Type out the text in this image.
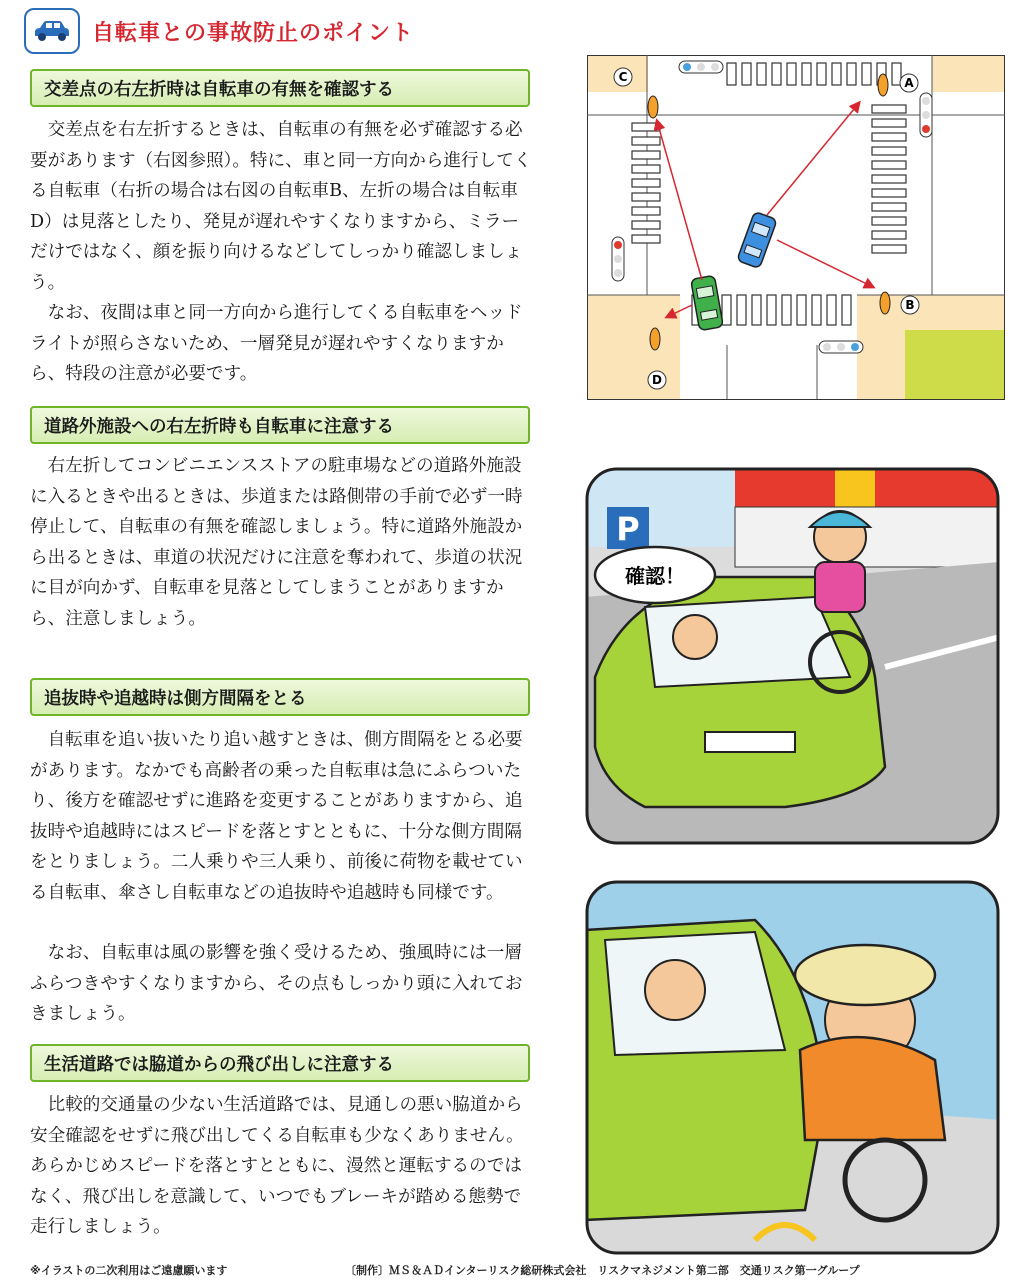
自転車との事故防止のポイント
交差点の右左折時は自転車の有無を確認する

交差点を右左折するときは、自転車の有無を必ず確認する必要があります（右図参照）。特に、車と同一方向から進行してくる自転車（右折の場合は右図の自転車B、左折の場合は自転車D）は見落としたり、発見が遅れやすくなりますから、ミラーだけではなく、顔を振り向けるなどしてしっかり確認しましょう。

なお、夜間は車と同一方向から進行してくる自転車をヘッドライトが照らさないため、一層発見が遅れやすくなりますから、特段の注意が必要です。

道路外施設への右左折時も自転車に注意する

右左折してコンビニエンスストアの駐車場などの道路外施設に入るときや出るときは、歩道または路側帯の手前で必ず一時停止して、自転車の有無を確認しましょう。特に道路外施設から出るときは、車道の状況だけに注意を奪われて、歩道の状況に目が向かず、自転車を見落としてしまうことがありますから、注意しましょう。

追抜時や追越時は側方間隔をとる

自転車を追い抜いたり追い越すときは、側方間隔をとる必要があります。なかでも高齢者の乗った自転車は急にふらついたり、後方を確認せずに進路を変更することがありますから、追抜時や追越時にはスピードを落とすとともに、十分な側方間隔をとりましょう。二人乗りや三人乗り、前後に荷物を載せている自転車、傘さし自転車などの追抜時や追越時も同様です。

なお、自転車は風の影響を強く受けるため、強風時には一層ふらつきやすくなりますから、その点もしっかり頭に入れておきましょう。

生活道路では脇道からの飛び出しに注意する

比較的交通量の少ない生活道路では、見通しの悪い脇道から安全確認をせずに飛び出してくる自転車も少なくありません。あらかじめスピードを落とすとともに、漫然と運転するのではなく、飛び出しを意識して、いつでもブレーキが踏める態勢で走行しましょう。

C	A
B
D
P
確認！
※イラストの二次利用はご遠慮願います	〔制作〕ＭＳ＆ＡＤインターリスク総研株式会社　リスクマネジメント第二部　交通リスク第一グループ
